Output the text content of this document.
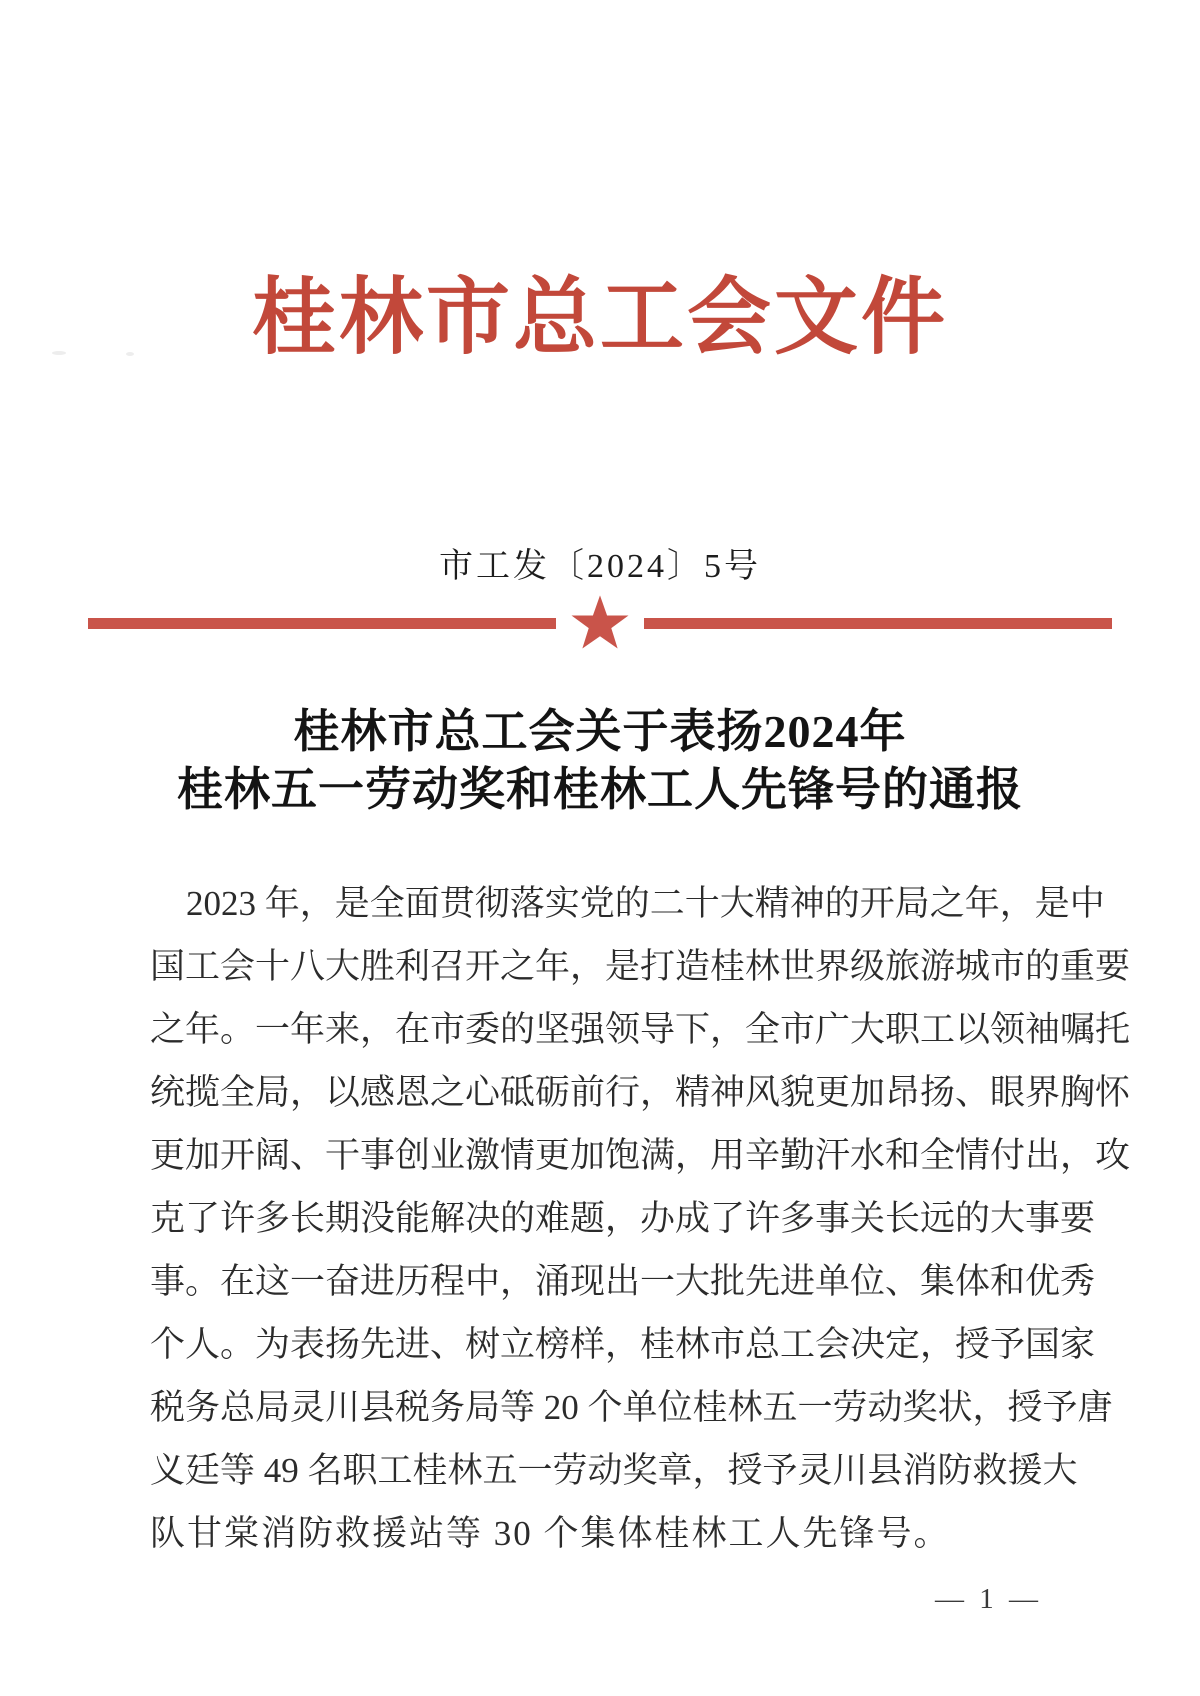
桂林市总工会文件
市工发〔2024〕5号
桂林市总工会关于表扬2024年
桂林五一劳动奖和桂林工人先锋号的通报
2023 年，是全面贯彻落实党的二十大精神的开局之年，是中
国工会十八大胜利召开之年，是打造桂林世界级旅游城市的重要
之年。一年来，在市委的坚强领导下，全市广大职工以领袖嘱托
统揽全局，以感恩之心砥砺前行，精神风貌更加昂扬、眼界胸怀
更加开阔、干事创业激情更加饱满，用辛勤汗水和全情付出，攻
克了许多长期没能解决的难题，办成了许多事关长远的大事要
事。在这一奋进历程中，涌现出一大批先进单位、集体和优秀
个人。为表扬先进、树立榜样，桂林市总工会决定，授予国家
税务总局灵川县税务局等 20 个单位桂林五一劳动奖状，授予唐
义廷等 49 名职工桂林五一劳动奖章，授予灵川县消防救援大
队甘棠消防救援站等 30 个集体桂林工人先锋号。
— 1 —
